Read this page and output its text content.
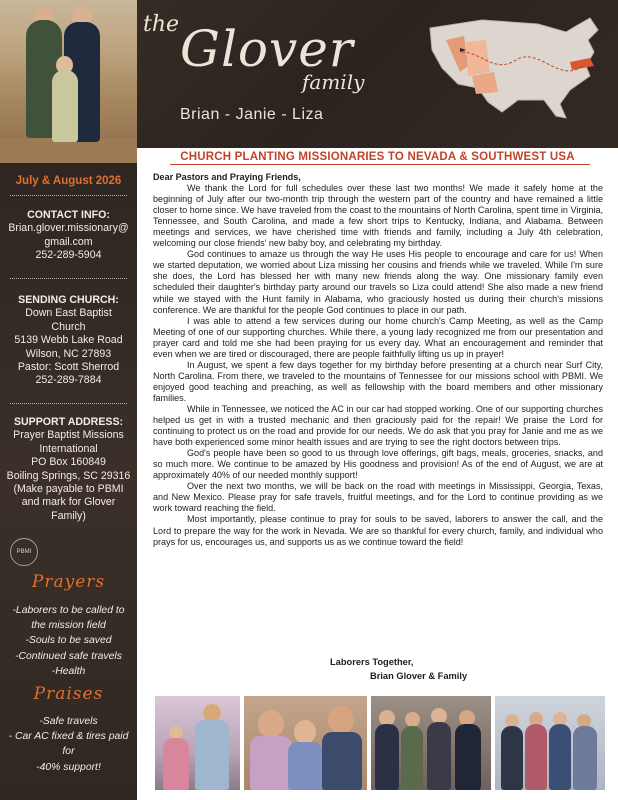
the Glover
family
Brian - Janie - Liza
July & August 2026
CONTACT INFO:
Brian.glover.missionary@
gmail.com
252-289-5904
SENDING CHURCH:
Down East Baptist
Church
5139 Webb Lake Road
Wilson, NC 27893
Pastor: Scott Sherrod
252-289-7884
SUPPORT ADDRESS:
Prayer Baptist Missions
International
PO Box 160849
Boiling Springs, SC 29316
(Make payable to PBMI
and mark for Glover
Family)
PBMI
Prayers
-Laborers to be called to
the mission field
-Souls to be saved
-Continued safe travels
-Health
Praises
-Safe travels
- Car AC fixed & tires paid
for
-40% support!
CHURCH PLANTING MISSIONARIES TO NEVADA & SOUTHWEST USA
Dear Pastors and Praying Friends,

We thank the Lord for full schedules over these last two months! We made it safely home at the beginning of July after our two-month trip through the western part of the country and have remained a little closer to home since. We have traveled from the coast to the mountains of North Carolina, spent time in Virginia, Tennessee, and South Carolina, and made a few short trips to Kentucky, Indiana, and Alabama. Between meetings and services, we have cherished time with friends and family, including a July 4th celebration, welcoming our close friends' new baby boy, and celebrating my birthday.

God continues to amaze us through the way He uses His people to encourage and care for us! When we started deputation, we worried about Liza missing her cousins and friends while we traveled. While I'm sure she does, the Lord has blessed her with many new friends along the way. One missionary family even scheduled their daughter's birthday party around our travels so Liza could attend! She also made a new friend while we stayed with the Hunt family in Alabama, who graciously hosted us during their church's missions conference. We are thankful for the people God continues to place in our path.

I was able to attend a few services during our home church's Camp Meeting, as well as the Camp Meeting of one of our supporting churches. While there, a young lady recognized me from our presentation and prayer card and told me she had been praying for us every day. What an encouragement and reminder that even when we are tired or discouraged, there are people faithfully lifting us up in prayer!

In August, we spent a few days together for my birthday before presenting at a church near Surf City, North Carolina. From there, we traveled to the mountains of Tennessee for our missions school with PBMI. We enjoyed good teaching and preaching, as well as fellowship with the board members and other missionary families.

While in Tennessee, we noticed the AC in our car had stopped working. One of our supporting churches helped us get in with a trusted mechanic and then graciously paid for the repair! We praise the Lord for continuing to protect us on the road and provide for our needs. We do ask that you pray for Janie and me as we have both experienced some minor health issues and are trying to see the right doctors between trips.

God's people have been so good to us through love offerings, gift bags, meals, groceries, snacks, and so much more. We continue to be amazed by His goodness and provision! As of the end of August, we are at approximately 40% of our needed monthly support!

Over the next two months, we will be back on the road with meetings in Mississippi, Georgia, Texas, and New Mexico. Please pray for safe travels, fruitful meetings, and for the Lord to continue providing as we work toward reaching the field.

Most importantly, please continue to pray for souls to be saved, laborers to answer the call, and the Lord to prepare the way for the work in Nevada. We are so thankful for every church, family, and individual who prays for us, encourages us, and supports us as we continue toward the field!

Laborers Together,
Brian Glover & Family
